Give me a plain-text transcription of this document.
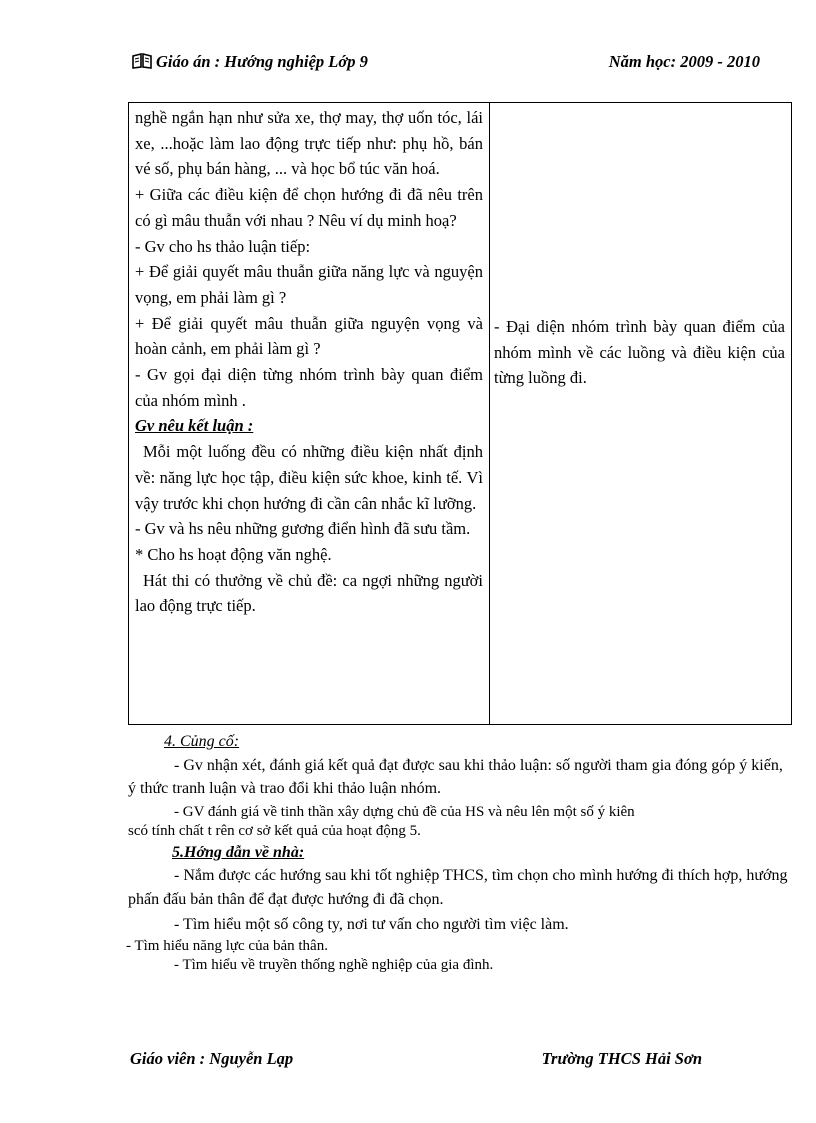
Giáo án : Hướng nghiệp Lớp 9	Năm học: 2009 - 2010

nghề ngắn hạn như sửa xe, thợ may, thợ uốn tóc, lái xe, ...hoặc làm lao động trực tiếp như: phụ hồ, bán vé số, phụ bán hàng, ... và học bổ túc văn hoá.

+ Giữa các điều kiện để chọn hướng đi đã nêu trên có gì mâu thuẫn với nhau ? Nêu ví dụ minh hoạ?

- Gv cho hs thảo luận tiếp:

+ Để giải quyết mâu thuẫn giữa năng lực và nguyện vọng, em phải làm gì ?

+ Để giải quyết mâu thuẫn giữa nguyện vọng và hoàn cảnh, em phải làm gì ?

- Gv gọi đại diện từng nhóm trình bày quan điểm của nhóm mình .

Gv nêu kết luận :

Mỗi một luống đều có những điều kiện nhất định về: năng lực học tập, điều kiện sức khoe, kinh tế. Vì vậy trước khi chọn hướng đi cần cân nhắc kĩ lưỡng.

- Gv và hs nêu những gương điển hình đã sưu tầm.

* Cho hs hoạt động văn nghệ.

Hát thi có thưởng về chủ đề: ca ngợi những người lao động trực tiếp.

- Đại diện nhóm trình bày quan điểm của nhóm mình về các luồng và điều kiện của từng luồng đi.

4. Củng cố:

- Gv nhận xét, đánh giá kết quả đạt được sau khi thảo luận: số người tham gia đóng góp ý kiến, ý thức tranh luận và trao đổi khi thảo luận nhóm.

- GV đánh giá về tinh thần xây dựng chủ đề của HS và nêu lên một số ý kiên

scó tính chất t rên cơ sở kết quả của hoạt động 5.

5.Hớng dẫn về nhà:

- Nắm được các hướng sau khi tốt nghiệp THCS, tìm chọn cho mình hướng đi thích hợp, hướng phấn đấu bản thân để đạt được hướng đi đã chọn.

- Tìm hiểu một số công ty, nơi tư vấn cho người tìm việc làm.

- Tìm hiểu năng lực của bản thân.

- Tìm hiểu về truyền thống nghề nghiệp của gia đình.

Giáo viên : Nguyễn Lạp	Trường THCS Hải Sơn
